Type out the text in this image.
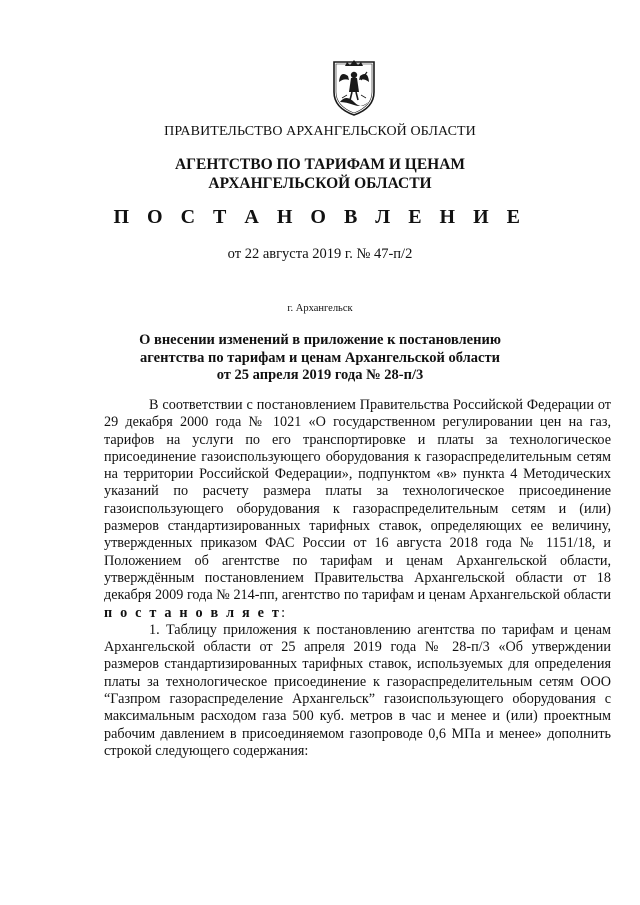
ПРАВИТЕЛЬСТВО АРХАНГЕЛЬСКОЙ ОБЛАСТИ
АГЕНТСТВО ПО ТАРИФАМ И ЦЕНАМ
АРХАНГЕЛЬСКОЙ ОБЛАСТИ
П О С Т А Н О В Л Е Н И Е
от 22 августа 2019 г. № 47-п/2
г. Архангельск
О внесении изменений в приложение к постановлению
агентства по тарифам и ценам Архангельской области
от 25 апреля 2019 года № 28-п/3

В соответствии с постановлением Правительства Российской Федерации от 29 декабря 2000 года № 1021 «О государственном регулировании цен на газ, тарифов на услуги по его транспортировке и платы за технологическое присоединение газоиспользующего оборудования к газораспределительным сетям на территории Российской Федерации», подпунктом «в» пункта 4 Методических указаний по расчету размера платы за технологическое присоединение газоиспользующего оборудования к газораспределительным сетям и (или) размеров стандартизированных тарифных ставок, определяющих ее величину, утвержденных приказом ФАС России от 16 августа 2018 года № 1151/18, и Положением об агентстве по тарифам и ценам Архангельской области, утверждённым постановлением Правительства Архангельской области от 18 декабря 2009 года № 214-пп, агентство по тарифам и ценам Архангельской области п о с т а н о в л я е т:

1. Таблицу приложения к постановлению агентства по тарифам и ценам Архангельской области от 25 апреля 2019 года № 28-п/3 «Об утверждении размеров стандартизированных тарифных ставок, используемых для определения платы за технологическое присоединение к газораспределительным сетям ООО “Газпром газораспределение Архангельск” газоиспользующего оборудования с максимальным расходом газа 500 куб. метров в час и менее и (или) проектным рабочим давлением в присоединяемом газопроводе 0,6 МПа и менее» дополнить строкой следующего содержания:
